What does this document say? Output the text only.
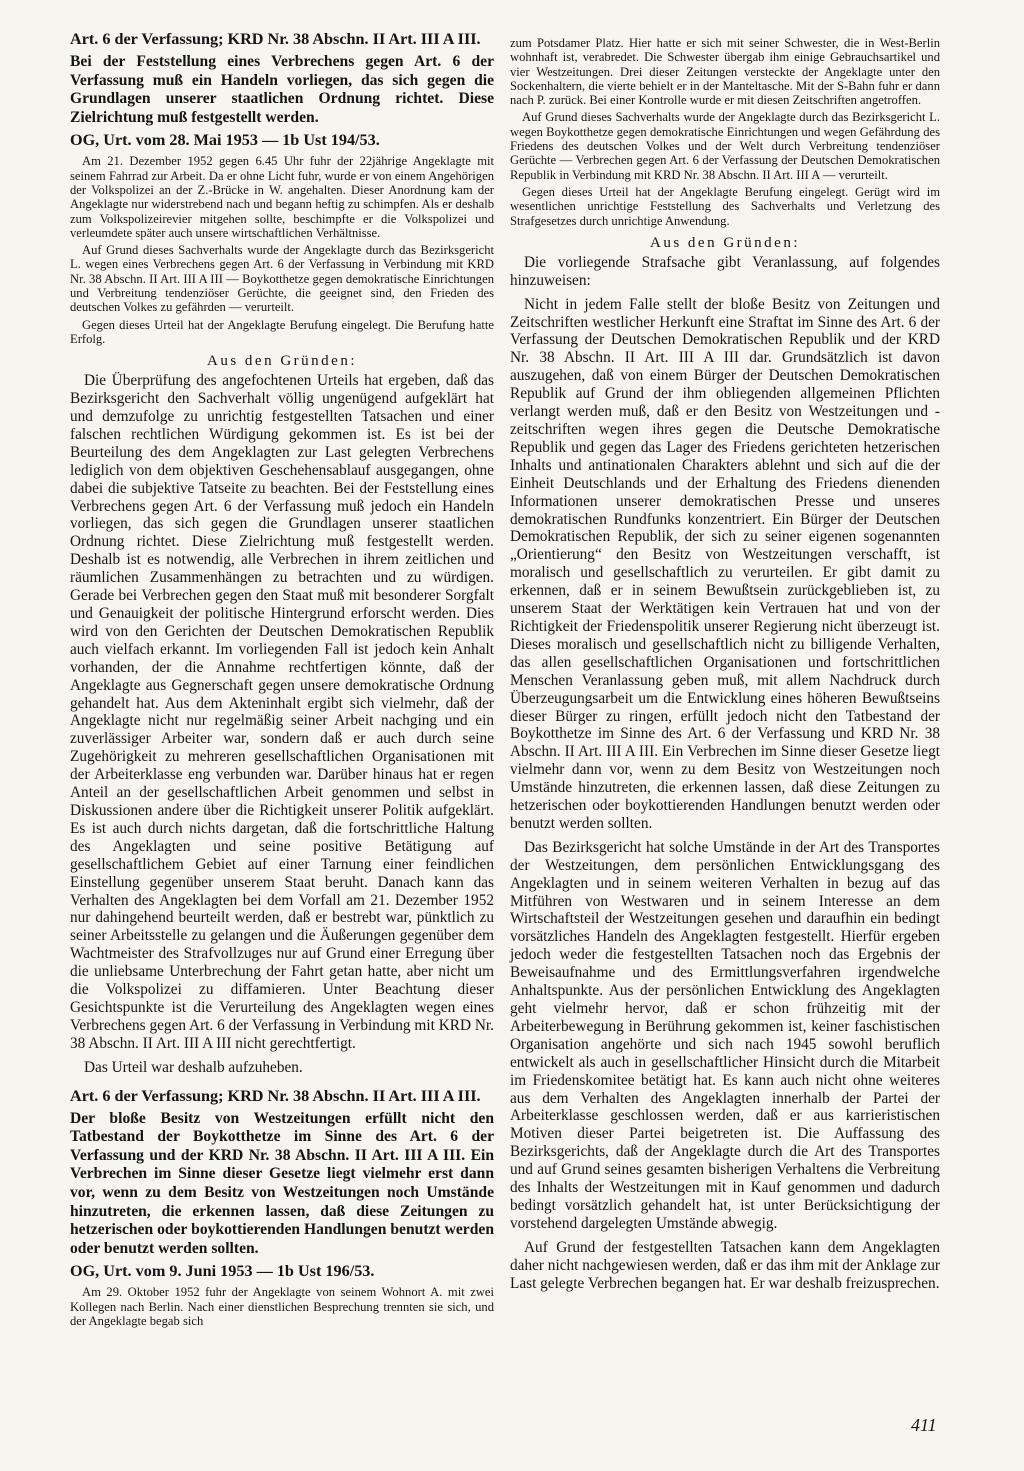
Art. 6 der Verfassung; KRD Nr. 38 Abschn. II Art. III A III.

Bei der Feststellung eines Verbrechens gegen Art. 6 der Verfassung muß ein Handeln vorliegen, das sich gegen die Grundlagen unserer staatlichen Ordnung richtet. Diese Zielrichtung muß festgestellt werden.

OG, Urt. vom 28. Mai 1953 — 1b Ust 194/53.

Am 21. Dezember 1952 gegen 6.45 Uhr fuhr der 22jährige Angeklagte mit seinem Fahrrad zur Arbeit. Da er ohne Licht fuhr, wurde er von einem Angehörigen der Volkspolizei an der Z.-Brücke in W. angehalten. Dieser Anordnung kam der Angeklagte nur widerstrebend nach und begann heftig zu schimpfen. Als er deshalb zum Volkspolizeirevier mitgehen sollte, beschimpfte er die Volkspolizei und verleumdete später auch unsere wirtschaftlichen Verhältnisse.

Auf Grund dieses Sachverhalts wurde der Angeklagte durch das Bezirksgericht L. wegen eines Verbrechens gegen Art. 6 der Verfassung in Verbindung mit KRD Nr. 38 Abschn. II Art. III A III — Boykotthetze gegen demokratische Einrichtungen und Verbreitung tendenziöser Gerüchte, die geeignet sind, den Frieden des deutschen Volkes zu gefährden — verurteilt.

Gegen dieses Urteil hat der Angeklagte Berufung eingelegt. Die Berufung hatte Erfolg.

Aus den Gründen:

Die Überprüfung des angefochtenen Urteils hat ergeben, daß das Bezirksgericht den Sachverhalt völlig ungenügend aufgeklärt hat und demzufolge zu unrichtig festgestellten Tatsachen und einer falschen rechtlichen Würdigung gekommen ist. Es ist bei der Beurteilung des dem Angeklagten zur Last gelegten Verbrechens lediglich von dem objektiven Geschehensablauf ausgegangen, ohne dabei die subjektive Tatseite zu beachten. Bei der Feststellung eines Verbrechens gegen Art. 6 der Verfassung muß jedoch ein Handeln vorliegen, das sich gegen die Grundlagen unserer staatlichen Ordnung richtet. Diese Zielrichtung muß festgestellt werden. Deshalb ist es notwendig, alle Verbrechen in ihrem zeitlichen und räumlichen Zusammenhängen zu betrachten und zu würdigen. Gerade bei Verbrechen gegen den Staat muß mit besonderer Sorgfalt und Genauigkeit der politische Hintergrund erforscht werden. Dies wird von den Gerichten der Deutschen Demokratischen Republik auch vielfach erkannt. Im vorliegenden Fall ist jedoch kein Anhalt vorhanden, der die Annahme rechtfertigen könnte, daß der Angeklagte aus Gegnerschaft gegen unsere demokratische Ordnung gehandelt hat. Aus dem Akteninhalt ergibt sich vielmehr, daß der Angeklagte nicht nur regelmäßig seiner Arbeit nachging und ein zuverlässiger Arbeiter war, sondern daß er auch durch seine Zugehörigkeit zu mehreren gesellschaftlichen Organisationen mit der Arbeiterklasse eng verbunden war. Darüber hinaus hat er regen Anteil an der gesellschaftlichen Arbeit genommen und selbst in Diskussionen andere über die Richtigkeit unserer Politik aufgeklärt. Es ist auch durch nichts dargetan, daß die fortschrittliche Haltung des Angeklagten und seine positive Betätigung auf gesellschaftlichem Gebiet auf einer Tarnung einer feindlichen Einstellung gegenüber unserem Staat beruht. Danach kann das Verhalten des Angeklagten bei dem Vorfall am 21. Dezember 1952 nur dahingehend beurteilt werden, daß er bestrebt war, pünktlich zu seiner Arbeitsstelle zu gelangen und die Äußerungen gegenüber dem Wachtmeister des Strafvollzuges nur auf Grund einer Erregung über die unliebsame Unterbrechung der Fahrt getan hatte, aber nicht um die Volkspolizei zu diffamieren. Unter Beachtung dieser Gesichtspunkte ist die Verurteilung des Angeklagten wegen eines Verbrechens gegen Art. 6 der Verfassung in Verbindung mit KRD Nr. 38 Abschn. II Art. III A III nicht gerechtfertigt.

Das Urteil war deshalb aufzuheben.

Art. 6 der Verfassung; KRD Nr. 38 Abschn. II Art. III A III.

Der bloße Besitz von Westzeitungen erfüllt nicht den Tatbestand der Boykotthetze im Sinne des Art. 6 der Verfassung und der KRD Nr. 38 Abschn. II Art. III A III. Ein Verbrechen im Sinne dieser Gesetze liegt vielmehr erst dann vor, wenn zu dem Besitz von Westzeitungen noch Umstände hinzutreten, die erkennen lassen, daß diese Zeitungen zu hetzerischen oder boykottierenden Handlungen benutzt werden oder benutzt werden sollten.

OG, Urt. vom 9. Juni 1953 — 1b Ust 196/53.

Am 29. Oktober 1952 fuhr der Angeklagte von seinem Wohnort A. mit zwei Kollegen nach Berlin. Nach einer dienstlichen Besprechung trennten sie sich, und der Angeklagte begab sich

zum Potsdamer Platz. Hier hatte er sich mit seiner Schwester, die in West-Berlin wohnhaft ist, verabredet. Die Schwester übergab ihm einige Gebrauchsartikel und vier Westzeitungen. Drei dieser Zeitungen versteckte der Angeklagte unter den Sockenhaltern, die vierte behielt er in der Manteltasche. Mit der S-Bahn fuhr er dann nach P. zurück. Bei einer Kontrolle wurde er mit diesen Zeitschriften angetroffen.

Auf Grund dieses Sachverhalts wurde der Angeklagte durch das Bezirksgericht L. wegen Boykotthetze gegen demokratische Einrichtungen und wegen Gefährdung des Friedens des deutschen Volkes und der Welt durch Verbreitung tendenziöser Gerüchte — Verbrechen gegen Art. 6 der Verfassung der Deutschen Demokratischen Republik in Verbindung mit KRD Nr. 38 Abschn. II Art. III A — verurteilt.

Gegen dieses Urteil hat der Angeklagte Berufung eingelegt. Gerügt wird im wesentlichen unrichtige Feststellung des Sachverhalts und Verletzung des Strafgesetzes durch unrichtige Anwendung.

Aus den Gründen:

Die vorliegende Strafsache gibt Veranlassung, auf folgendes hinzuweisen:

Nicht in jedem Falle stellt der bloße Besitz von Zeitungen und Zeitschriften westlicher Herkunft eine Straftat im Sinne des Art. 6 der Verfassung der Deutschen Demokratischen Republik und der KRD Nr. 38 Abschn. II Art. III A III dar. Grundsätzlich ist davon auszugehen, daß von einem Bürger der Deutschen Demokratischen Republik auf Grund der ihm obliegenden allgemeinen Pflichten verlangt werden muß, daß er den Besitz von Westzeitungen und -zeitschriften wegen ihres gegen die Deutsche Demokratische Republik und gegen das Lager des Friedens gerichteten hetzerischen Inhalts und antinationalen Charakters ablehnt und sich auf die der Einheit Deutschlands und der Erhaltung des Friedens dienenden Informationen unserer demokratischen Presse und unseres demokratischen Rundfunks konzentriert. Ein Bürger der Deutschen Demokratischen Republik, der sich zu seiner eigenen sogenannten „Orientierung“ den Besitz von Westzeitungen verschafft, ist moralisch und gesellschaftlich zu verurteilen. Er gibt damit zu erkennen, daß er in seinem Bewußtsein zurückgeblieben ist, zu unserem Staat der Werktätigen kein Vertrauen hat und von der Richtigkeit der Friedenspolitik unserer Regierung nicht überzeugt ist. Dieses moralisch und gesellschaftlich nicht zu billigende Verhalten, das allen gesellschaftlichen Organisationen und fortschrittlichen Menschen Veranlassung geben muß, mit allem Nachdruck durch Überzeugungsarbeit um die Entwicklung eines höheren Bewußtseins dieser Bürger zu ringen, erfüllt jedoch nicht den Tatbestand der Boykotthetze im Sinne des Art. 6 der Verfassung und KRD Nr. 38 Abschn. II Art. III A III. Ein Verbrechen im Sinne dieser Gesetze liegt vielmehr dann vor, wenn zu dem Besitz von Westzeitungen noch Umstände hinzutreten, die erkennen lassen, daß diese Zeitungen zu hetzerischen oder boykottierenden Handlungen benutzt werden oder benutzt werden sollten.

Das Bezirksgericht hat solche Umstände in der Art des Transportes der Westzeitungen, dem persönlichen Entwicklungsgang des Angeklagten und in seinem weiteren Verhalten in bezug auf das Mitführen von Westwaren und in seinem Interesse an dem Wirtschaftsteil der Westzeitungen gesehen und daraufhin ein bedingt vorsätzliches Handeln des Angeklagten festgestellt. Hierfür ergeben jedoch weder die festgestellten Tatsachen noch das Ergebnis der Beweisaufnahme und des Ermittlungsverfahren irgendwelche Anhaltspunkte. Aus der persönlichen Entwicklung des Angeklagten geht vielmehr hervor, daß er schon frühzeitig mit der Arbeiterbewegung in Berührung gekommen ist, keiner faschistischen Organisation angehörte und sich nach 1945 sowohl beruflich entwickelt als auch in gesellschaftlicher Hinsicht durch die Mitarbeit im Friedenskomitee betätigt hat. Es kann auch nicht ohne weiteres aus dem Verhalten des Angeklagten innerhalb der Partei der Arbeiterklasse geschlossen werden, daß er aus karrieristischen Motiven dieser Partei beigetreten ist. Die Auffassung des Bezirksgerichts, daß der Angeklagte durch die Art des Transportes und auf Grund seines gesamten bisherigen Verhaltens die Verbreitung des Inhalts der Westzeitungen mit in Kauf genommen und dadurch bedingt vorsätzlich gehandelt hat, ist unter Berücksichtigung der vorstehend dargelegten Umstände abwegig.

Auf Grund der festgestellten Tatsachen kann dem Angeklagten daher nicht nachgewiesen werden, daß er das ihm mit der Anklage zur Last gelegte Verbrechen begangen hat. Er war deshalb freizusprechen.

411
